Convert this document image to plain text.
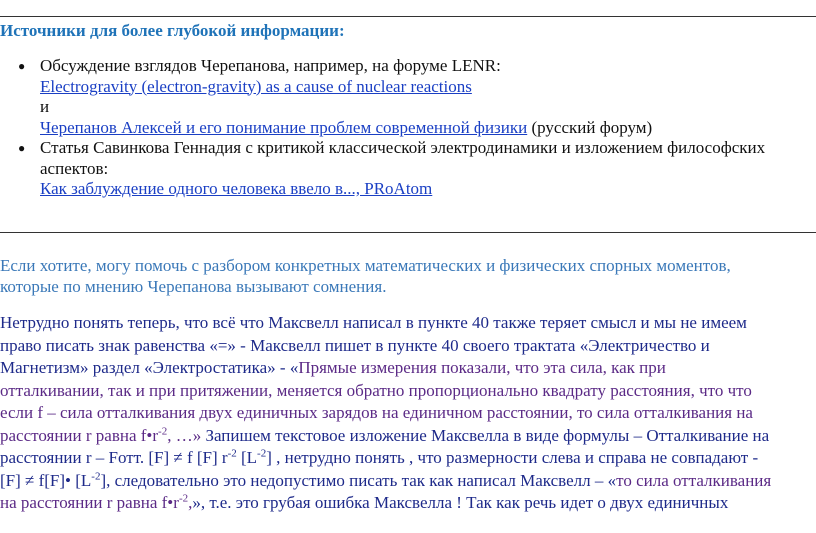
Источники для более глубокой информации:
● Обсуждение взглядов Черепанова, например, на форуме LENR:
Electrogravity (electron-gravity) as a cause of nuclear reactions
и
Черепанов Алексей и его понимание проблем современной физики (русский форум)
● Статья Савинкова Геннадия с критикой классической электродинамики и изложением философских
аспектов:
Как заблуждение одного человека ввело в..., PRoAtom
Если хотите, могу помочь с разбором конкретных математических и физических спорных моментов,
которые по мнению Черепанова вызывают сомнения.
Нетрудно понять теперь, что всё что Максвелл написал в пункте 40 также теряет смысл и мы не имеем
право писать знак равенства «=» - Максвелл пишет в пункте 40 своего трактата «Электричество и
Магнетизм» раздел «Электростатика» - «Прямые измерения показали, что эта сила, как при
отталкивании, так и при притяжении, меняется обратно пропорционально квадрату расстояния, что что
если f – сила отталкивания двух единичных зарядов на единичном расстоянии, то сила отталкивания на
расстоянии r равна $f•r^{-2}$, …» Запишем текстовое изложение Максвелла в виде формулы – Отталкивание на
расстоянии r – Fотт. [F] ≠ f [F] $r^{-2}$ $[L^{-2}]$ , нетрудно понять , что размерности слева и справа не совпадают -
[F] ≠ f[F]• $[L^{-2}]$, следовательно это недопустимо писать так как написал Максвелл – «то сила отталкивания
на расстоянии r равна $f•r^{-2}$,», т.е. это грубая ошибка Максвелла ! Так как речь идет о двух единичных
